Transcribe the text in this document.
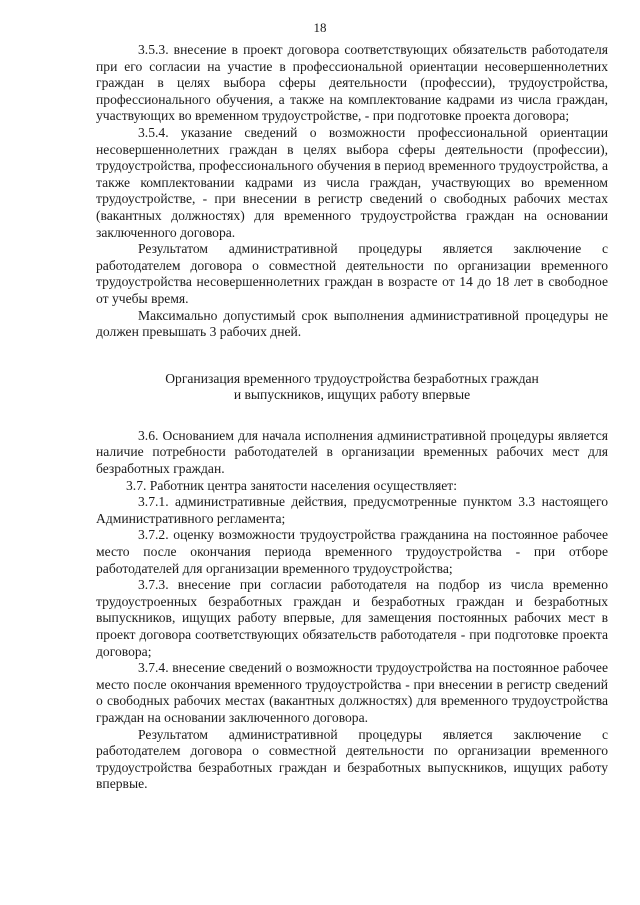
18

3.5.3. внесение в проект договора соответствующих обязательств работодателя при его согласии на участие в профессиональной ориентации несовершеннолетних граждан в целях выбора сферы деятельности (профессии), трудоустройства, профессионального обучения, а также на комплектование кадрами из числа граждан, участвующих во временном трудоустройстве, - при подготовке проекта договора;

3.5.4. указание сведений о возможности профессиональной ориентации несовершеннолетних граждан в целях выбора сферы деятельности (профессии), трудоустройства, профессионального обучения в период временного трудоустройства, а также комплектовании кадрами из числа граждан, участвующих во временном трудоустройстве, - при внесении в регистр сведений о свободных рабочих местах (вакантных должностях) для временного трудоустройства граждан на основании заключенного договора.

Результатом административной процедуры является заключение с работодателем договора о совместной деятельности по организации временного трудоустройства несовершеннолетних граждан в возрасте от 14 до 18 лет в свободное от учебы время.

Максимально допустимый срок выполнения административной процедуры не должен превышать 3 рабочих дней.

Организация временного трудоустройства безработных граждан

и выпускников, ищущих работу впервые

3.6. Основанием для начала исполнения административной процедуры является наличие потребности работодателей в организации временных рабочих мест для безработных граждан.

3.7. Работник центра занятости населения осуществляет:

3.7.1. административные действия, предусмотренные пунктом 3.3 настоящего Административного регламента;

3.7.2. оценку возможности трудоустройства гражданина на постоянное рабочее место после окончания периода временного трудоустройства - при отборе работодателей для организации временного трудоустройства;

3.7.3. внесение при согласии работодателя на подбор из числа временно трудоустроенных безработных граждан и безработных граждан и безработных выпускников, ищущих работу впервые, для замещения постоянных рабочих мест в проект договора соответствующих обязательств работодателя - при подготовке проекта договора;

3.7.4. внесение сведений о возможности трудоустройства на постоянное рабочее место после окончания временного трудоустройства - при внесении в регистр сведений о свободных рабочих местах (вакантных должностях) для временного трудоустройства граждан на основании заключенного договора.

Результатом административной процедуры является заключение с работодателем договора о совместной деятельности по организации временного трудоустройства безработных граждан и безработных выпускников, ищущих работу впервые.
